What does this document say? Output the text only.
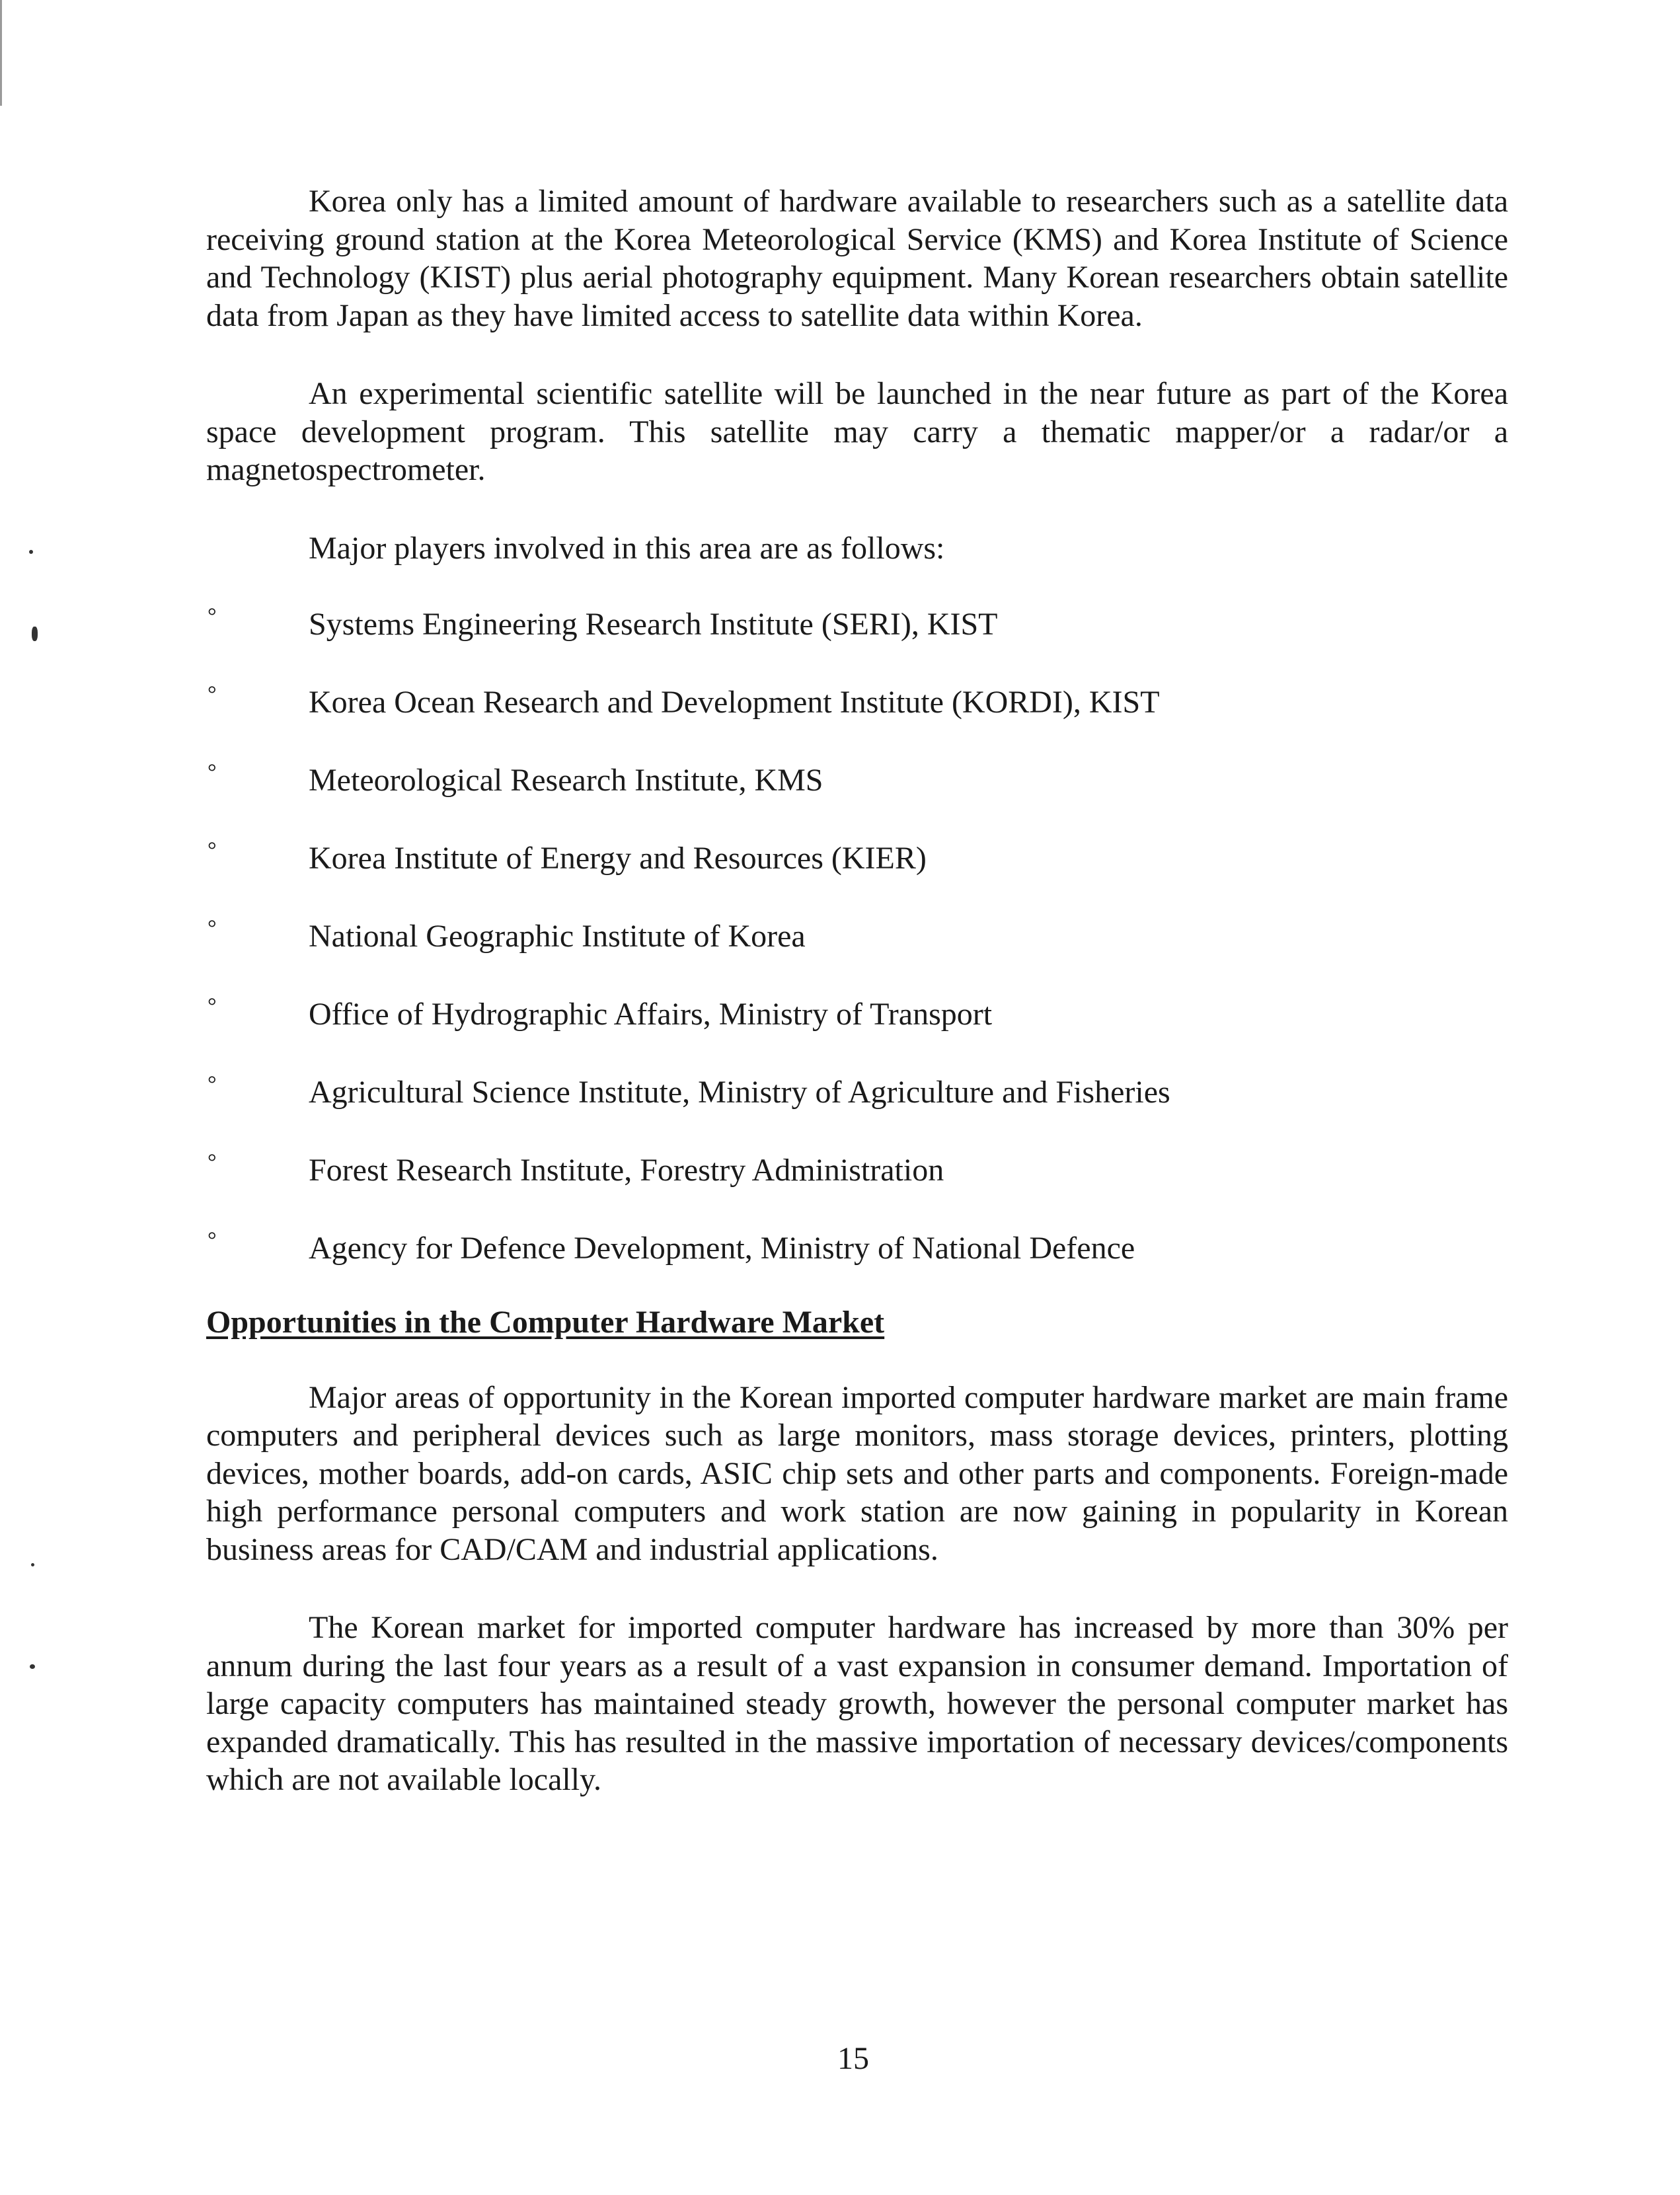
Korea only has a limited amount of hardware available to researchers such as a satellite data receiving ground station at the Korea Meteorological Service (KMS) and Korea Institute of Science and Technology (KIST) plus aerial photography equipment. Many Korean researchers obtain satellite data from Japan as they have limited access to satellite data within Korea.

An experimental scientific satellite will be launched in the near future as part of the Korea space development program. This satellite may carry a thematic mapper/or a radar/or a magnetospectrometer.

Major players involved in this area are as follows:
°	Systems Engineering Research Institute (SERI), KIST
°	Korea Ocean Research and Development Institute (KORDI), KIST
°	Meteorological Research Institute, KMS
°	Korea Institute of Energy and Resources (KIER)
°	National Geographic Institute of Korea
°	Office of Hydrographic Affairs, Ministry of Transport
°	Agricultural Science Institute, Ministry of Agriculture and Fisheries
°	Forest Research Institute, Forestry Administration
°	Agency for Defence Development, Ministry of National Defence
Opportunities in the Computer Hardware Market

Major areas of opportunity in the Korean imported computer hardware market are main frame computers and peripheral devices such as large monitors, mass storage devices, printers, plotting devices, mother boards, add-on cards, ASIC chip sets and other parts and components. Foreign-made high performance personal computers and work station are now gaining in popularity in Korean business areas for CAD/CAM and industrial applications.

The Korean market for imported computer hardware has increased by more than 30% per annum during the last four years as a result of a vast expansion in consumer demand. Importation of large capacity computers has maintained steady growth, however the personal computer market has expanded dramatically. This has resulted in the massive importation of necessary devices/components which are not available locally.

15
